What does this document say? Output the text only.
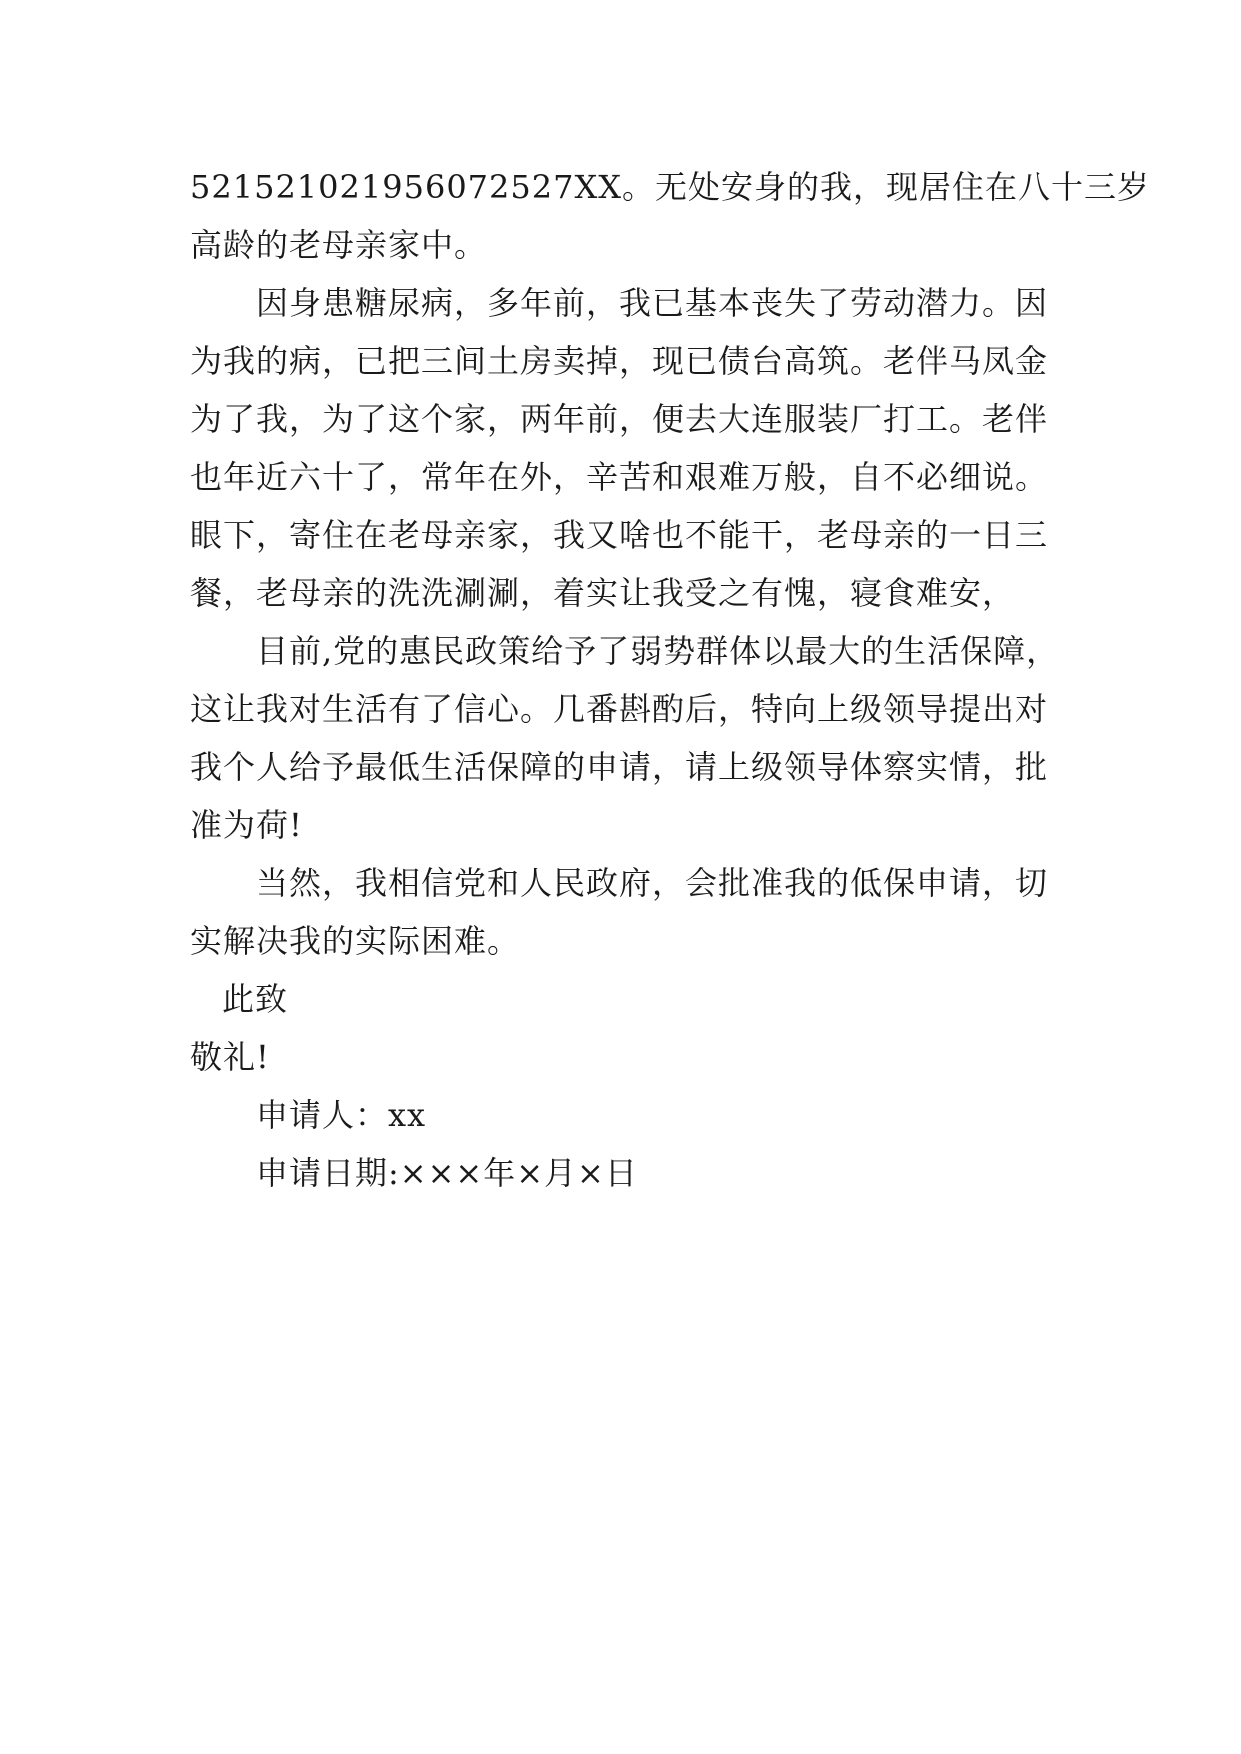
521521021956072527XX。无处安身的我，现居住在八十三岁
高龄的老母亲家中。
因身患糖尿病，多年前，我已基本丧失了劳动潜力。因
为我的病，已把三间土房卖掉，现已债台高筑。老伴马凤金
为了我，为了这个家，两年前，便去大连服装厂打工。老伴
也年近六十了，常年在外，辛苦和艰难万般，自不必细说。
眼下，寄住在老母亲家，我又啥也不能干，老母亲的一日三
餐，老母亲的洗洗涮涮，着实让我受之有愧，寝食难安，
目前,党的惠民政策给予了弱势群体以最大的生活保障，
这让我对生活有了信心。几番斟酌后，特向上级领导提出对
我个人给予最低生活保障的申请，请上级领导体察实情，批
准为荷!
当然，我相信党和人民政府，会批准我的低保申请，切
实解决我的实际困难。
此致
敬礼!
申请人：xx
申请日期:×××年×月×日
